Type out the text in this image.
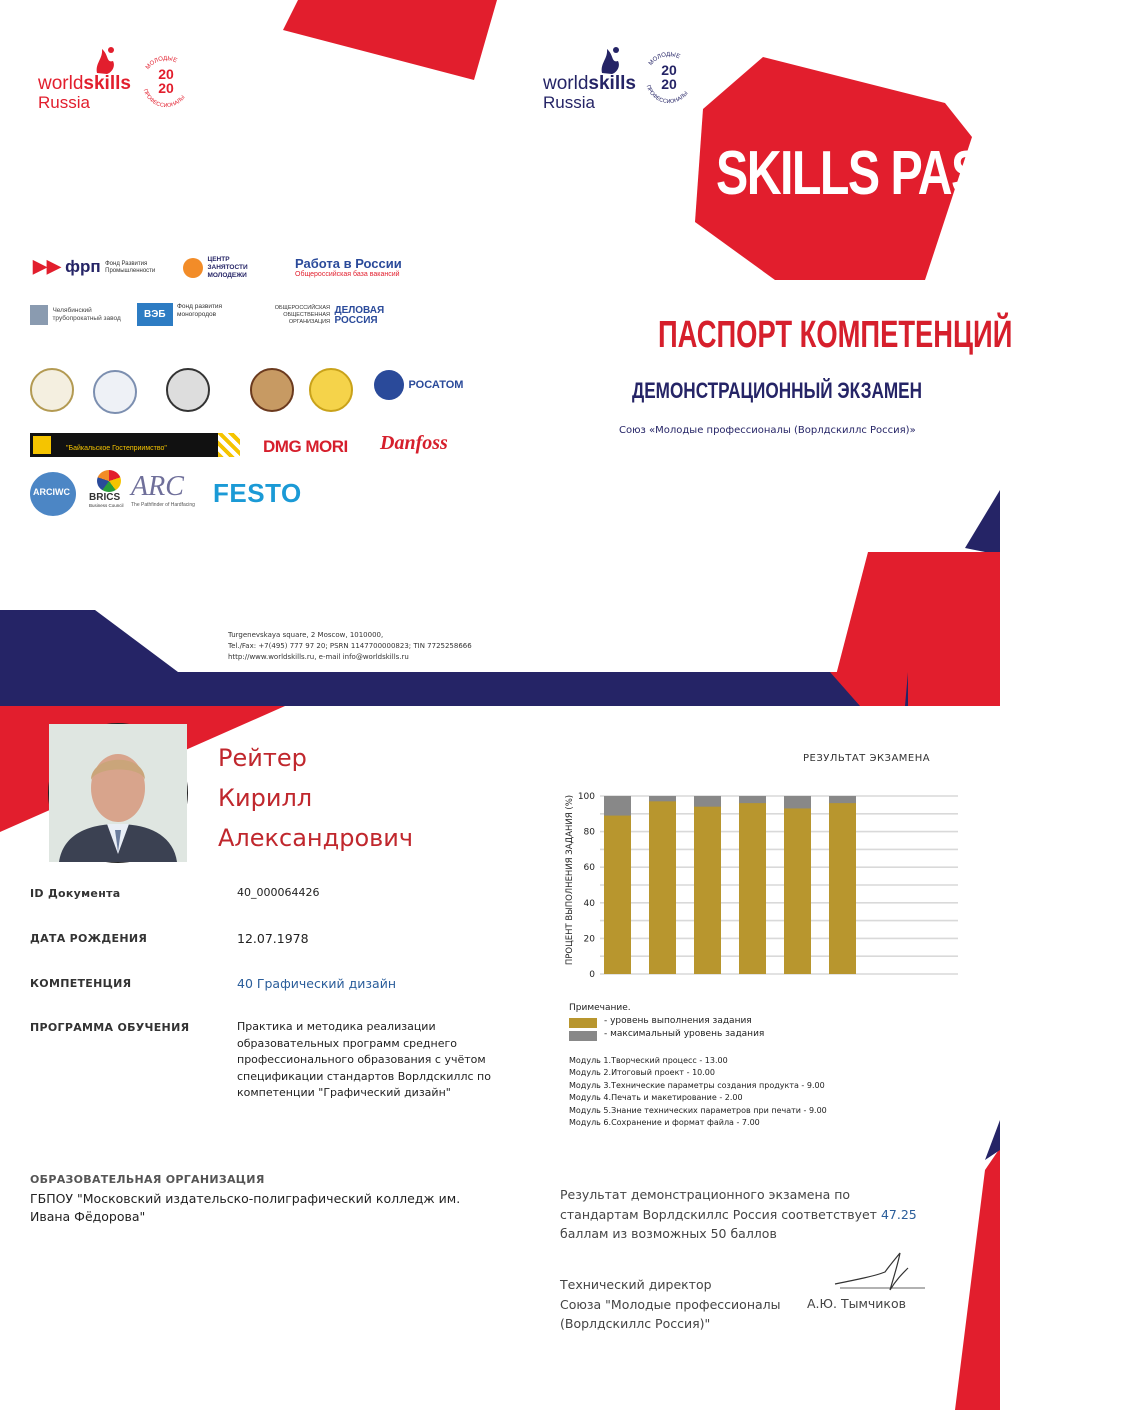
worldskills
Russia
20
20
МОЛОДЫЕ
ПРОФЕССИОНАЛЫ
worldskills
Russia
20
20
МОЛОДЫЕ
ПРОФЕССИОНАЛЫ
SKILLS PASSPORT
ПАСПОРТ КОМПЕТЕНЦИЙ
ДЕМОНСТРАЦИОННЫЙ ЭКЗАМЕН
Союз «Молодые профессионалы (Ворлдскиллс Россия)»
▶▶ фрп Фонд Развития Промышленности
ЦЕНТР ЗАНЯТОСТИ МОЛОДЕЖИ
Работа в России
Общероссийская база вакансий
Челябинский трубопрокатный завод	ВЭБ Фонд развития моногородов
ОБЩЕРОССИЙСКАЯ ОБЩЕСТВЕННАЯ ОРГАНИЗАЦИЯ ДЕЛОВАЯ РОССИЯ
РОСАТОМ
"Байкальское Гостеприимство"	DMG MORI Danfoss
ARCIWC BRICS
Business Council
ARC
The Pathfinder of Hardfacing FESTO
Turgenevskaya square, 2 Moscow, 1010000,
Tel./Fax: +7(495) 777 97 20; PSRN 1147700000823; TIN 7725258666
http://www.worldskills.ru, e-mail info@worldskills.ru
Рейтер
Кирилл
Александрович
ID Документа	40_000064426
ДАТА РОЖДЕНИЯ	12.07.1978
КОМПЕТЕНЦИЯ	40 Графический дизайн
ПРОГРАММА ОБУЧЕНИЯ	Практика и методика реализации образовательных программ среднего профессионального образования с учётом спецификации стандартов Ворлдскиллс по компетенции "Графический дизайн"
ОБРАЗОВАТЕЛЬНАЯ ОРГАНИЗАЦИЯ
ГБПОУ "Московский издательско-полиграфический колледж им. Ивана Фёдорова"
РЕЗУЛЬТАТ ЭКЗАМЕНА
0
20
40
60
80
100
ПРОЦЕНТ ВЫПОЛНЕНИЯ ЗАДАНИЯ (%)
Примечание.
- уровень выполнения задания
- максимальный уровень задания
Модуль 1.Творческий процесс - 13.00
Модуль 2.Итоговый проект - 10.00
Модуль 3.Технические параметры создания продукта - 9.00
Модуль 4.Печать и макетирование - 2.00
Модуль 5.Знание технических параметров при печати - 9.00
Модуль 6.Сохранение и формат файла - 7.00
Результат демонстрационного экзамена по стандартам Ворлдскиллс Россия соответствует 47.25 баллам из возможных 50 баллов
Технический директор
Союза "Молодые профессионалы
(Ворлдскиллс Россия)"
А.Ю. Тымчиков
